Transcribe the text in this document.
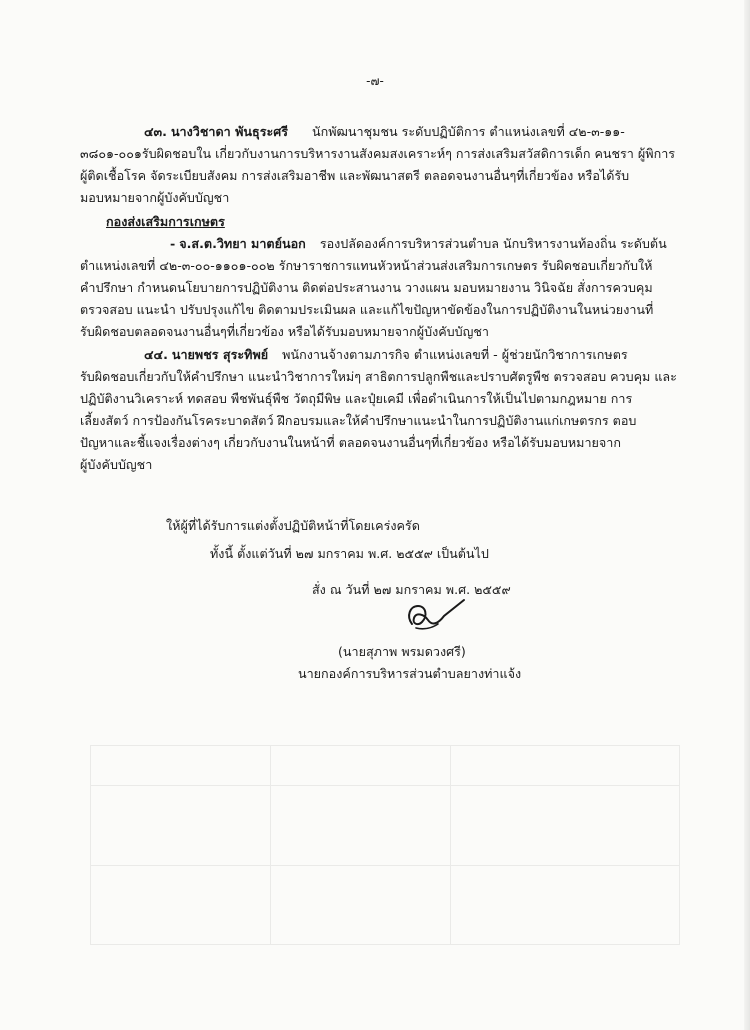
-๗-
๔๓. นางวิชาดา พันธุระศรี นักพัฒนาชุมชน ระดับปฏิบัติการ ตำแหน่งเลขที่ ๔๒-๓-๑๑-
๓๘๐๑-๐๐๑รับผิดชอบใน เกี่ยวกับงานการบริหารงานสังคมสงเคราะห์ๆ การส่งเสริมสวัสดิการเด็ก คนชรา ผู้พิการ
ผู้ติดเชื้อโรค จัดระเบียบสังคม การส่งเสริมอาชีพ และพัฒนาสตรี ตลอดจนงานอื่นๆที่เกี่ยวข้อง หรือได้รับ
มอบหมายจากผู้บังคับบัญชา
กองส่งเสริมการเกษตร
- จ.ส.ต.วิทยา มาตย์นอก รองปลัดองค์การบริหารส่วนตำบล นักบริหารงานท้องถิ่น ระดับต้น
ตำแหน่งเลขที่ ๔๒-๓-๐๐-๑๑๐๑-๐๐๒ รักษาราชการแทนหัวหน้าส่วนส่งเสริมการเกษตร รับผิดชอบเกี่ยวกับให้
คำปรึกษา กำหนดนโยบายการปฏิบัติงาน ติดต่อประสานงาน วางแผน มอบหมายงาน วินิจฉัย สั่งการควบคุม
ตรวจสอบ แนะนำ ปรับปรุงแก้ไข ติดตามประเมินผล และแก้ไขปัญหาขัดข้องในการปฏิบัติงานในหน่วยงานที่
รับผิดชอบตลอดจนงานอื่นๆที่เกี่ยวข้อง หรือได้รับมอบหมายจากผู้บังคับบัญชา
๔๔. นายพชร สุระทิพย์ พนักงานจ้างตามภารกิจ ตำแหน่งเลขที่ - ผู้ช่วยนักวิชาการเกษตร
รับผิดชอบเกี่ยวกับให้คำปรึกษา แนะนำวิชาการใหม่ๆ สาธิตการปลูกพืชและปราบศัตรูพืช ตรวจสอบ ควบคุม และ
ปฏิบัติงานวิเคราะห์ ทดสอบ พืชพันธุ์พืช วัตถุมีพิษ และปุ๋ยเคมี เพื่อดำเนินการให้เป็นไปตามกฎหมาย การ
เลี้ยงสัตว์ การป้องกันโรคระบาดสัตว์ ฝึกอบรมและให้คำปรึกษาแนะนำในการปฏิบัติงานแก่เกษตรกร ตอบ
ปัญหาและชี้แจงเรื่องต่างๆ เกี่ยวกับงานในหน้าที่ ตลอดจนงานอื่นๆที่เกี่ยวข้อง หรือได้รับมอบหมายจาก
ผู้บังคับบัญชา
ให้ผู้ที่ได้รับการแต่งตั้งปฏิบัติหน้าที่โดยเคร่งครัด
ทั้งนี้ ตั้งแต่วันที่ ๒๗ มกราคม พ.ศ. ๒๕๕๙ เป็นต้นไป
สั่ง ณ วันที่ ๒๗ มกราคม พ.ศ. ๒๕๕๙
(นายสุภาพ พรมดวงศรี)
นายกองค์การบริหารส่วนตำบลยางท่าแจ้ง
